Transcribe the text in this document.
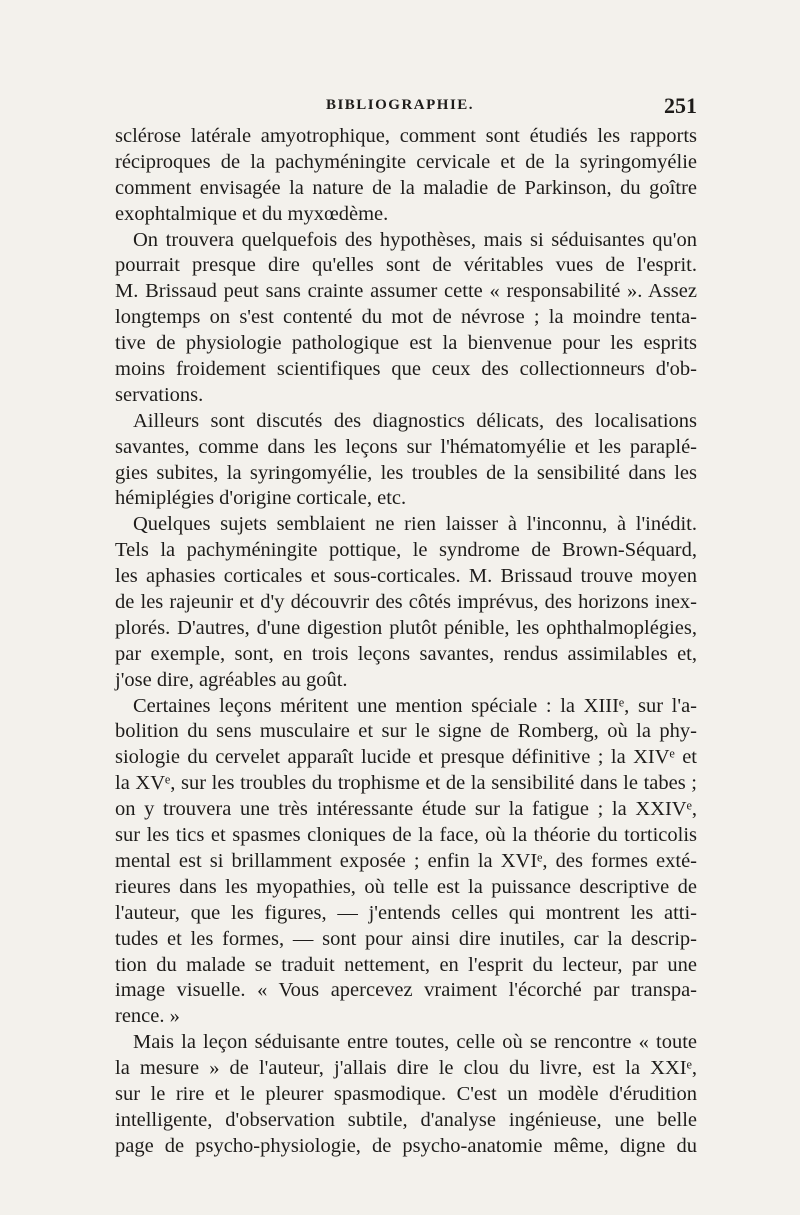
BIBLIOGRAPHIE.	251
sclérose latérale amyotrophique, comment sont étudiés les rapports
réciproques de la pachyméningite cervicale et de la syringomyélie
comment envisagée la nature de la maladie de Parkinson, du goître
exophtalmique et du myxœdème.
On trouvera quelquefois des hypothèses, mais si séduisantes qu'on
pourrait presque dire qu'elles sont de véritables vues de l'esprit.
M. Brissaud peut sans crainte assumer cette « responsabilité ». Assez
longtemps on s'est contenté du mot de névrose ; la moindre tenta-
tive de physiologie pathologique est la bienvenue pour les esprits
moins froidement scientifiques que ceux des collectionneurs d'ob-
servations.
Ailleurs sont discutés des diagnostics délicats, des localisations
savantes, comme dans les leçons sur l'hématomyélie et les paraplé-
gies subites, la syringomyélie, les troubles de la sensibilité dans les
hémiplégies d'origine corticale, etc.
Quelques sujets semblaient ne rien laisser à l'inconnu, à l'inédit.
Tels la pachyméningite pottique, le syndrome de Brown-Séquard,
les aphasies corticales et sous-corticales. M. Brissaud trouve moyen
de les rajeunir et d'y découvrir des côtés imprévus, des horizons inex-
plorés. D'autres, d'une digestion plutôt pénible, les ophthalmoplégies,
par exemple, sont, en trois leçons savantes, rendus assimilables et,
j'ose dire, agréables au goût.
Certaines leçons méritent une mention spéciale : la XIIIᵉ, sur l'a-
bolition du sens musculaire et sur le signe de Romberg, où la phy-
siologie du cervelet apparaît lucide et presque définitive ; la XIVᵉ et
la XVᵉ, sur les troubles du trophisme et de la sensibilité dans le tabes ;
on y trouvera une très intéressante étude sur la fatigue ; la XXIVᵉ,
sur les tics et spasmes cloniques de la face, où la théorie du torticolis
mental est si brillamment exposée ; enfin la XVIᵉ, des formes exté-
rieures dans les myopathies, où telle est la puissance descriptive de
l'auteur, que les figures, — j'entends celles qui montrent les atti-
tudes et les formes, — sont pour ainsi dire inutiles, car la descrip-
tion du malade se traduit nettement, en l'esprit du lecteur, par une
image visuelle. « Vous apercevez vraiment l'écorché par transpa-
rence. »
Mais la leçon séduisante entre toutes, celle où se rencontre « toute
la mesure » de l'auteur, j'allais dire le clou du livre, est la XXIᵉ,
sur le rire et le pleurer spasmodique. C'est un modèle d'érudition
intelligente, d'observation subtile, d'analyse ingénieuse, une belle
page de psycho-physiologie, de psycho-anatomie même, digne du
